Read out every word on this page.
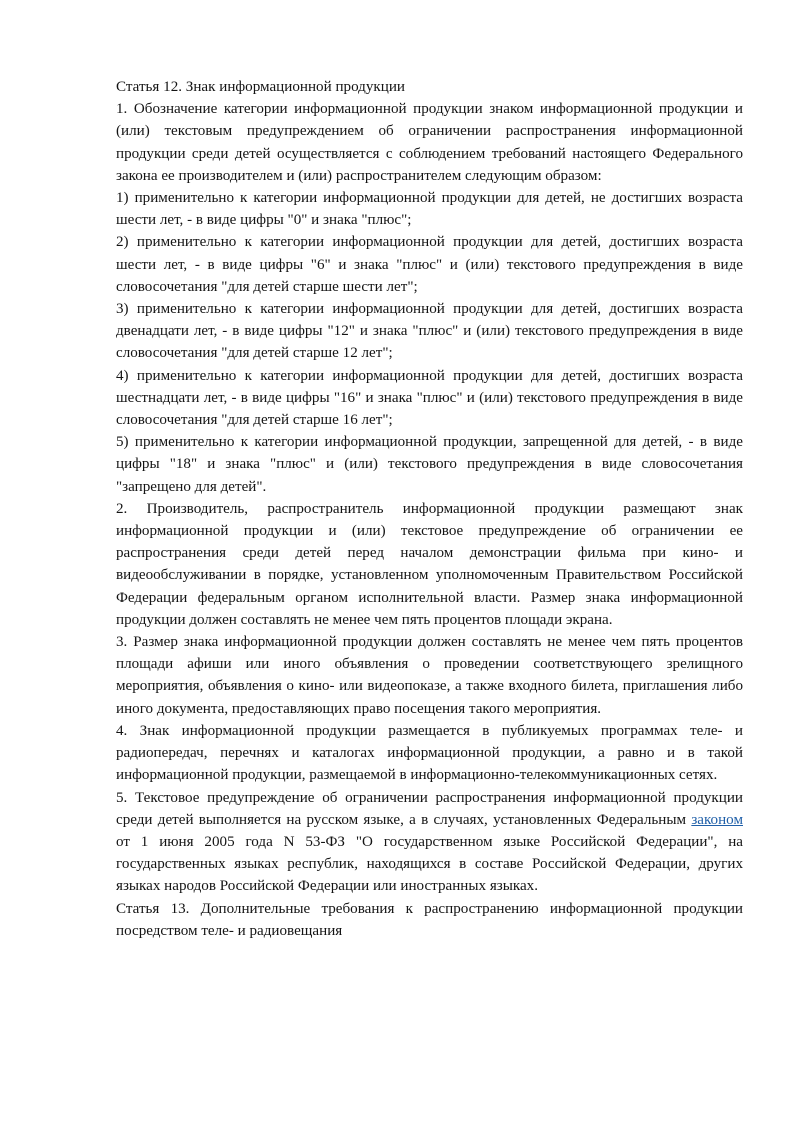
Статья 12. Знак информационной продукции

1. Обозначение категории информационной продукции знаком информационной продукции и (или) текстовым предупреждением об ограничении распространения информационной продукции среди детей осуществляется с соблюдением требований настоящего Федерального закона ее производителем и (или) распространителем следующим образом:

1) применительно к категории информационной продукции для детей, не достигших возраста шести лет, - в виде цифры "0" и знака "плюс";

2) применительно к категории информационной продукции для детей, достигших возраста шести лет, - в виде цифры "6" и знака "плюс" и (или) текстового предупреждения в виде словосочетания "для детей старше шести лет";

3) применительно к категории информационной продукции для детей, достигших возраста двенадцати лет, - в виде цифры "12" и знака "плюс" и (или) текстового предупреждения в виде словосочетания "для детей старше 12 лет";

4) применительно к категории информационной продукции для детей, достигших возраста шестнадцати лет, - в виде цифры "16" и знака "плюс" и (или) текстового предупреждения в виде словосочетания "для детей старше 16 лет";

5) применительно к категории информационной продукции, запрещенной для детей, - в виде цифры "18" и знака "плюс" и (или) текстового предупреждения в виде словосочетания "запрещено для детей".

2. Производитель, распространитель информационной продукции размещают знак информационной продукции и (или) текстовое предупреждение об ограничении ее распространения среди детей перед началом демонстрации фильма при кино- и видеообслуживании в порядке, установленном уполномоченным Правительством Российской Федерации федеральным органом исполнительной власти. Размер знака информационной продукции должен составлять не менее чем пять процентов площади экрана.

3. Размер знака информационной продукции должен составлять не менее чем пять процентов площади афиши или иного объявления о проведении соответствующего зрелищного мероприятия, объявления о кино- или видеопоказе, а также входного билета, приглашения либо иного документа, предоставляющих право посещения такого мероприятия.

4. Знак информационной продукции размещается в публикуемых программах теле- и радиопередач, перечнях и каталогах информационной продукции, а равно и в такой информационной продукции, размещаемой в информационно-телекоммуникационных сетях.

5. Текстовое предупреждение об ограничении распространения информационной продукции среди детей выполняется на русском языке, а в случаях, установленных Федеральным законом от 1 июня 2005 года N 53-ФЗ "О государственном языке Российской Федерации", на государственных языках республик, находящихся в составе Российской Федерации, других языках народов Российской Федерации или иностранных языках.

Статья 13. Дополнительные требования к распространению информационной продукции посредством теле- и радиовещания
